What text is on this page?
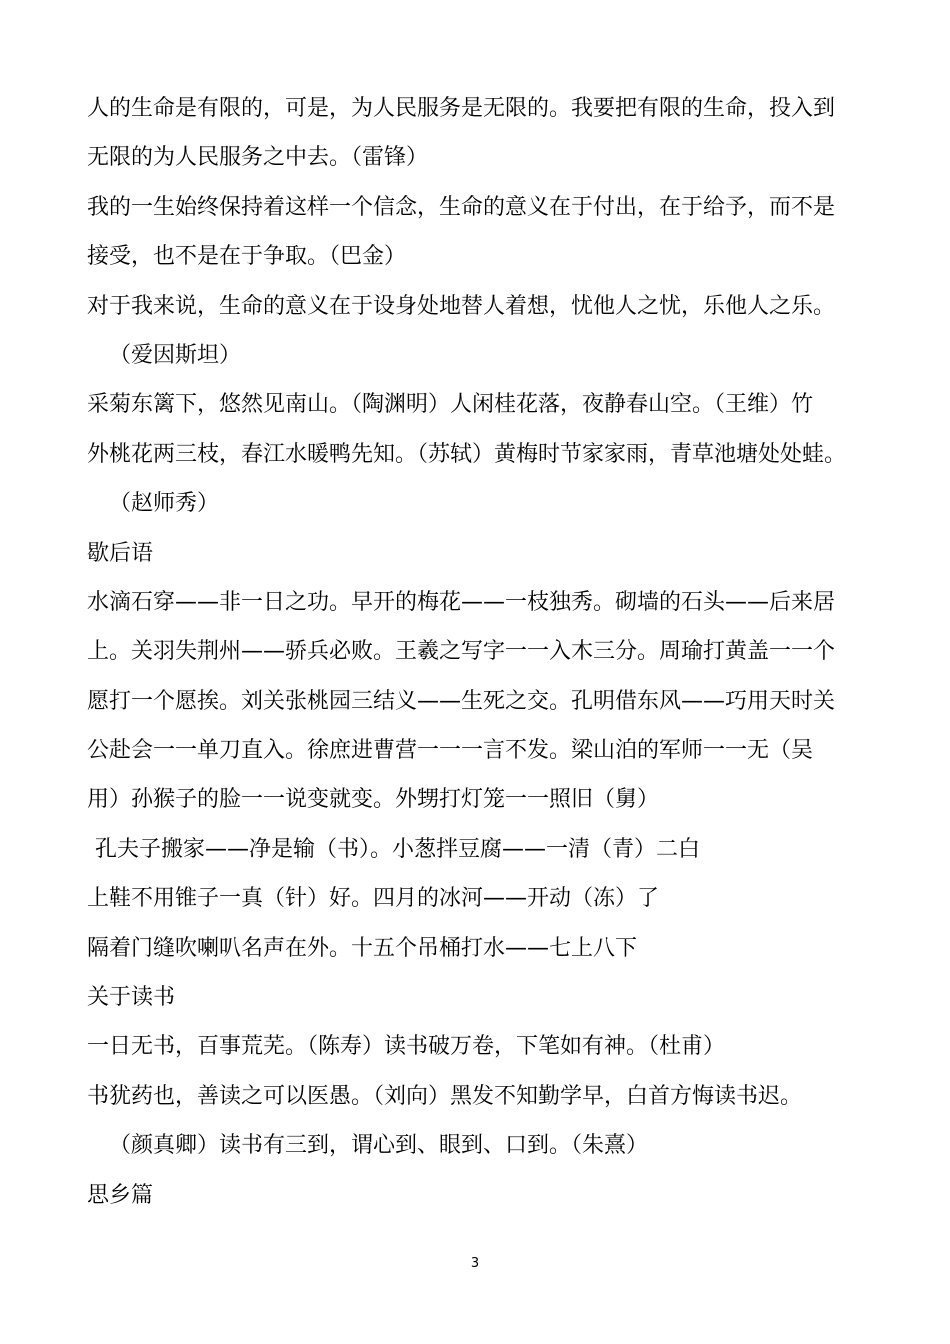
人的生命是有限的，可是，为人民服务是无限的。我要把有限的生命，投入到
无限的为人民服务之中去。（雷锋）
我的一生始终保持着这样一个信念，生命的意义在于付出，在于给予，而不是
接受，也不是在于争取。（巴金）
对于我来说，生命的意义在于设身处地替人着想，忧他人之忧，乐他人之乐。
（爱因斯坦）
采菊东篱下，悠然见南山。（陶渊明）人闲桂花落，夜静春山空。（王维）竹
外桃花两三枝，春江水暖鸭先知。（苏轼）黄梅时节家家雨，青草池塘处处蛙。
（赵师秀）
歇后语
水滴石穿——非一日之功。早开的梅花——一枝独秀。砌墙的石头——后来居
上。关羽失荆州——骄兵必败。王羲之写字一一入木三分。周瑜打黄盖一一个
愿打一个愿挨。刘关张桃园三结义——生死之交。孔明借东风——巧用天时关
公赴会一一单刀直入。徐庶进曹营一一一言不发。梁山泊的军师一一无（吴
用）孙猴子的脸一一说变就变。外甥打灯笼一一照旧（舅）
孔夫子搬家——净是输（书）。小葱拌豆腐——一清（青）二白
上鞋不用锥子一真（针）好。四月的冰河——开动（冻）了
隔着门缝吹喇叭名声在外。十五个吊桶打水——七上八下
关于读书
一日无书，百事荒芜。（陈寿）读书破万卷，下笔如有神。（杜甫）
书犹药也，善读之可以医愚。（刘向）黑发不知勤学早，白首方悔读书迟。
（颜真卿）读书有三到，谓心到、眼到、口到。（朱熹）
思乡篇
3
